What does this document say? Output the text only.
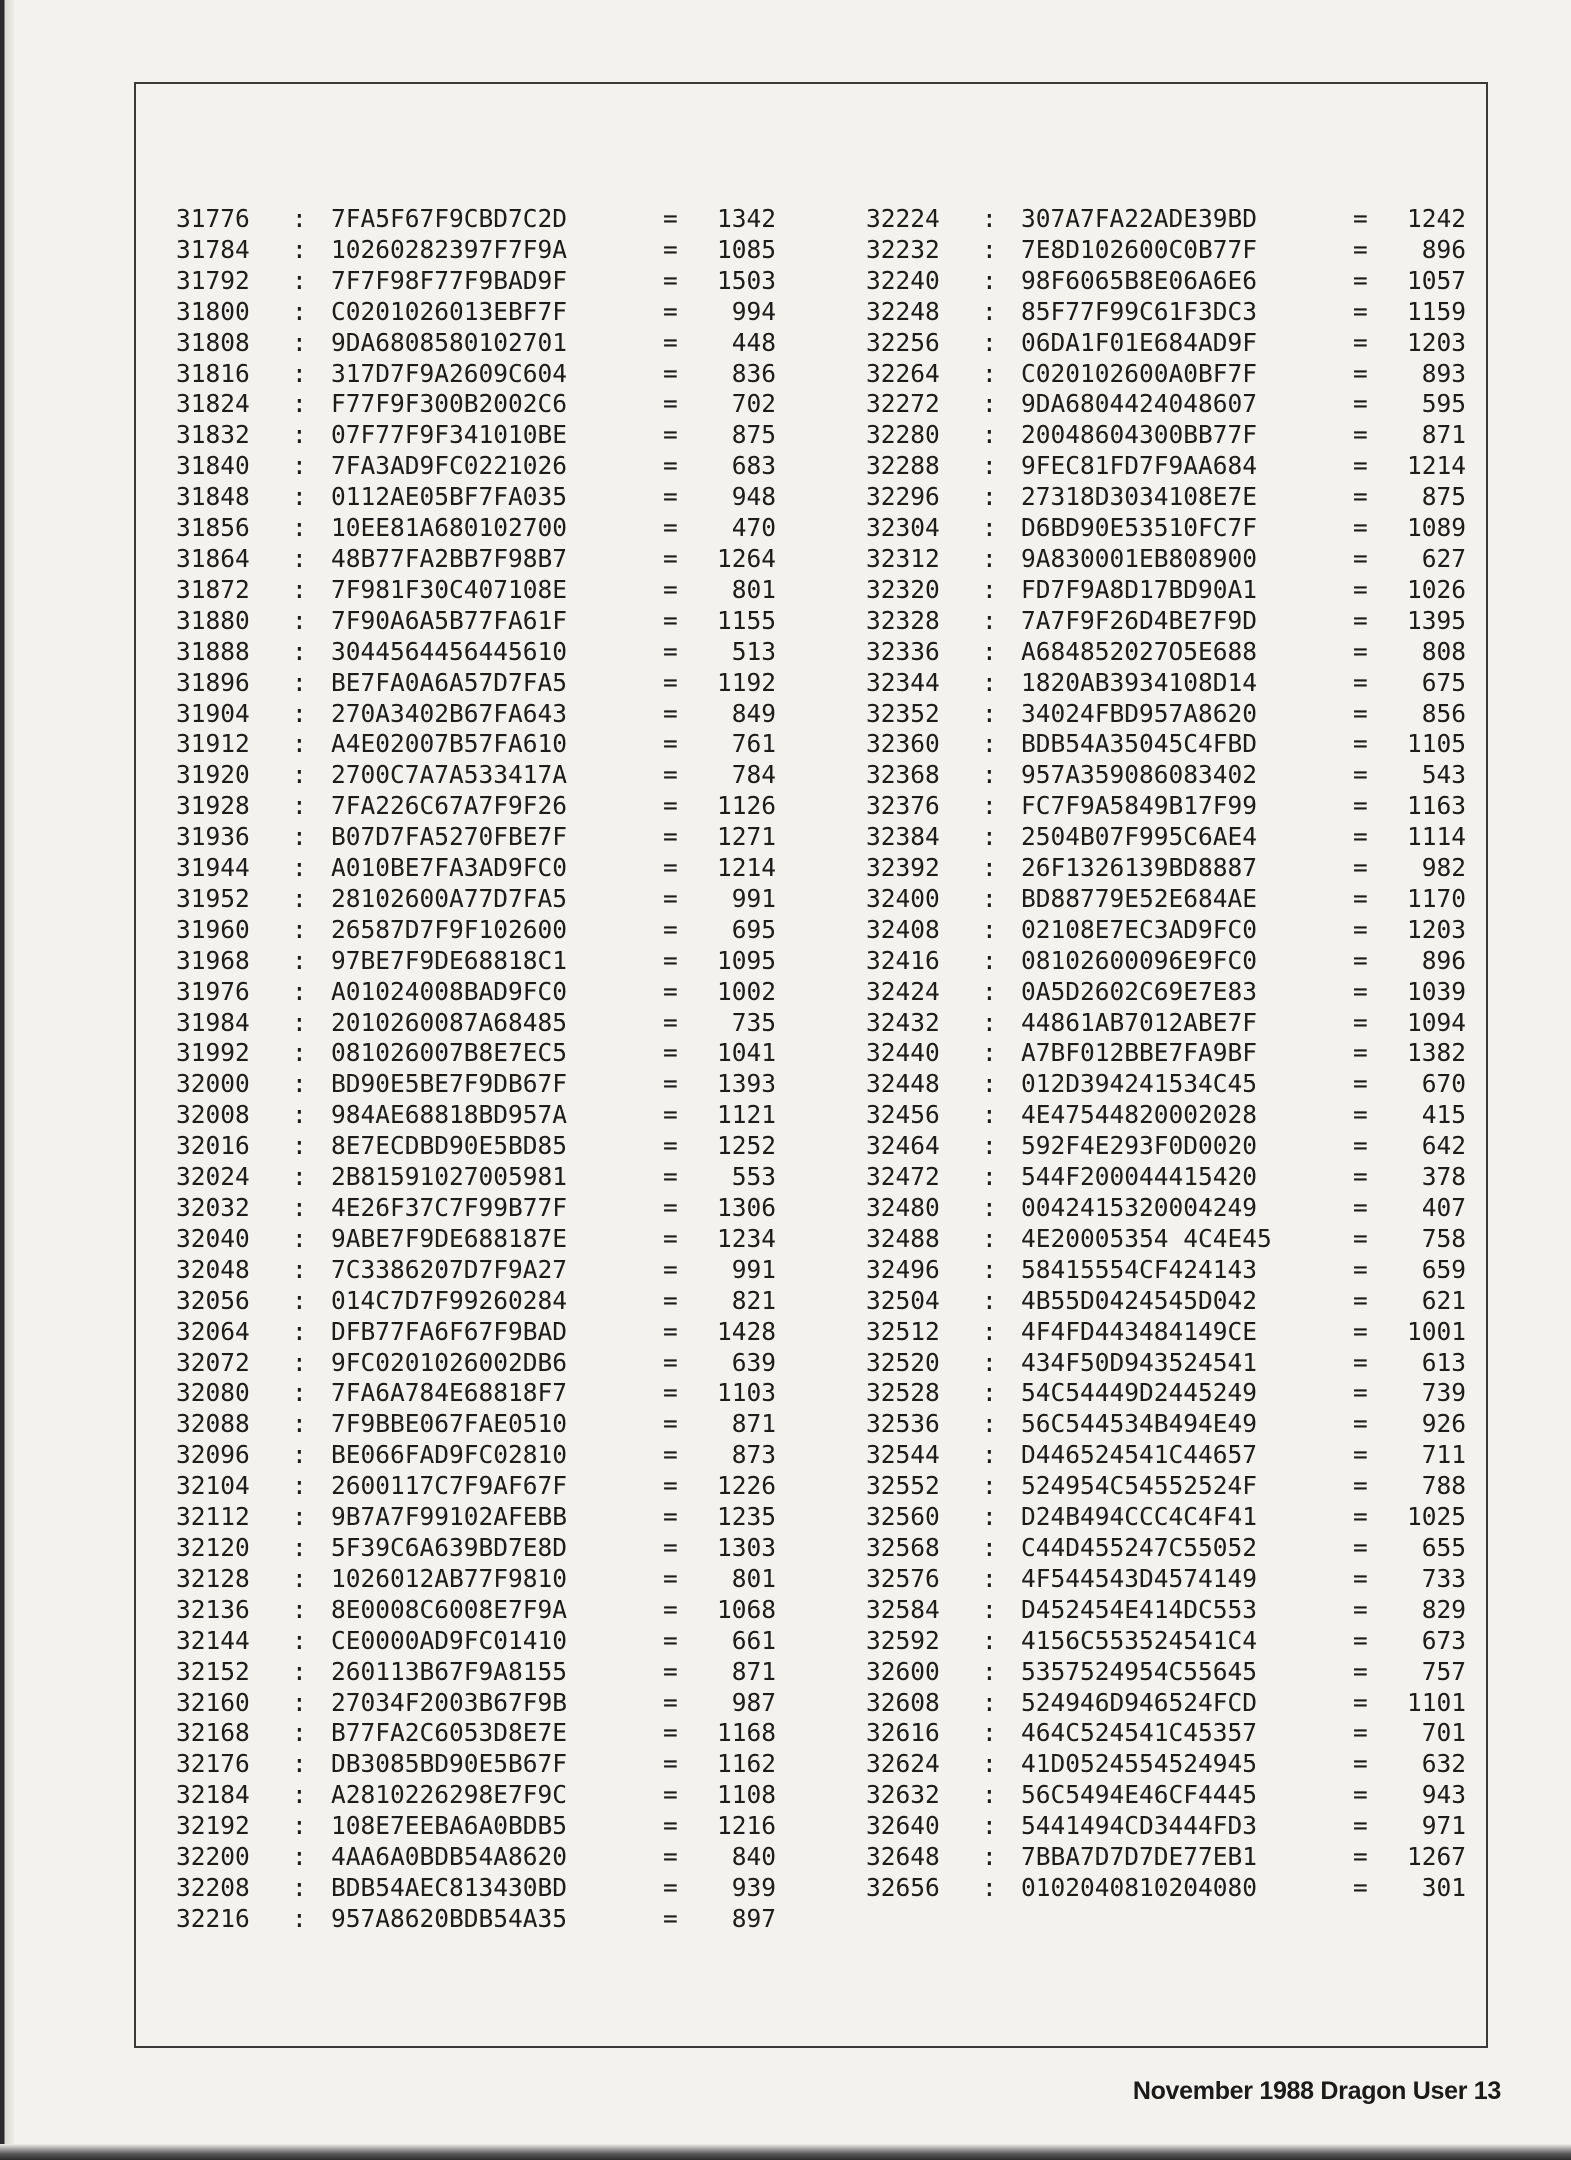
31776	: 7FA5F67F9CBD7C2D	=	1342
31784	: 10260282397F7F9A	=	1085
31792	: 7F7F98F77F9BAD9F	=	1503
31800	: C0201026013EBF7F	=	994
31808	: 9DA6808580102701	=	448
31816	: 317D7F9A2609C604	=	836
31824	: F77F9F300B2002C6	=	702
31832	: 07F77F9F341010BE	=	875
31840	: 7FA3AD9FC0221026	=	683
31848	: 0112AE05BF7FA035	=	948
31856	: 10EE81A680102700	=	470
31864	: 48B77FA2BB7F98B7	=	1264
31872	: 7F981F30C407108E	=	801
31880	: 7F90A6A5B77FA61F	=	1155
31888	: 3044564456445610	=	513
31896	: BE7FA0A6A57D7FA5	=	1192
31904	: 270A3402B67FA643	=	849
31912	: A4E02007B57FA610	=	761
31920	: 2700C7A7A533417A	=	784
31928	: 7FA226C67A7F9F26	=	1126
31936	: B07D7FA5270FBE7F	=	1271
31944	: A010BE7FA3AD9FC0	=	1214
31952	: 28102600A77D7FA5	=	991
31960	: 26587D7F9F102600	=	695
31968	: 97BE7F9DE68818C1	=	1095
31976	: A01024008BAD9FC0	=	1002
31984	: 2010260087A68485	=	735
31992	: 081026007B8E7EC5	=	1041
32000	: BD90E5BE7F9DB67F	=	1393
32008	: 984AE68818BD957A	=	1121
32016	: 8E7ECDBD90E5BD85	=	1252
32024	: 2B81591027005981	=	553
32032	: 4E26F37C7F99B77F	=	1306
32040	: 9ABE7F9DE688187E	=	1234
32048	: 7C3386207D7F9A27	=	991
32056	: 014C7D7F99260284	=	821
32064	: DFB77FA6F67F9BAD	=	1428
32072	: 9FC0201026002DB6	=	639
32080	: 7FA6A784E68818F7	=	1103
32088	: 7F9BBE067FAE0510	=	871
32096	: BE066FAD9FC02810	=	873
32104	: 2600117C7F9AF67F	=	1226
32112	: 9B7A7F99102AFEBB	=	1235
32120	: 5F39C6A639BD7E8D	=	1303
32128	: 1026012AB77F9810	=	801
32136	: 8E0008C6008E7F9A	=	1068
32144	: CE0000AD9FC01410	=	661
32152	: 260113B67F9A8155	=	871
32160	: 27034F2003B67F9B	=	987
32168	: B77FA2C6053D8E7E	=	1168
32176	: DB3085BD90E5B67F	=	1162
32184	: A2810226298E7F9C	=	1108
32192	: 108E7EEBA6A0BDB5	=	1216
32200	: 4AA6A0BDB54A8620	=	840
32208	: BDB54AEC813430BD	=	939
32216	: 957A8620BDB54A35	=	897
32224	: 307A7FA22ADE39BD	=	1242
32232	: 7E8D102600C0B77F	=	896
32240	: 98F6065B8E06A6E6	=	1057
32248	: 85F77F99C61F3DC3	=	1159
32256	: 06DA1F01E684AD9F	=	1203
32264	: C020102600A0BF7F	=	893
32272	: 9DA6804424048607	=	595
32280	: 20048604300BB77F	=	871
32288	: 9FEC81FD7F9AA684	=	1214
32296	: 27318D3034108E7E	=	875
32304	: D6BD90E53510FC7F	=	1089
32312	: 9A830001EB808900	=	627
32320	: FD7F9A8D17BD90A1	=	1026
32328	: 7A7F9F26D4BE7F9D	=	1395
32336	: A684852027O5E688	=	808
32344	: 1820AB3934108D14	=	675
32352	: 34024FBD957A8620	=	856
32360	: BDB54A35045C4FBD	=	1105
32368	: 957A359086083402	=	543
32376	: FC7F9A5849B17F99	=	1163
32384	: 2504B07F995C6AE4	=	1114
32392	: 26F1326139BD8887	=	982
32400	: BD88779E52E684AE	=	1170
32408	: 02108E7EC3AD9FC0	=	1203
32416	: 08102600096E9FC0	=	896
32424	: 0A5D2602C69E7E83	=	1039
32432	: 44861AB7012ABE7F	=	1094
32440	: A7BF012BBE7FA9BF	=	1382
32448	: 012D394241534C45	=	670
32456	: 4E47544820002028	=	415
32464	: 592F4E293F0D0020	=	642
32472	: 544F200044415420	=	378
32480	: 0042415320004249	=	407
32488	: 4E20005354 4C4E45	=	758
32496	: 58415554CF424143	=	659
32504	: 4B55D0424545D042	=	621
32512	: 4F4FD443484149CE	=	1001
32520	: 434F50D943524541	=	613
32528	: 54C54449D2445249	=	739
32536	: 56C544534B494E49	=	926
32544	: D446524541C44657	=	711
32552	: 524954C54552524F	=	788
32560	: D24B494CCC4C4F41	=	1025
32568	: C44D455247C55052	=	655
32576	: 4F544543D4574149	=	733
32584	: D452454E414DC553	=	829
32592	: 4156C553524541C4	=	673
32600	: 5357524954C55645	=	757
32608	: 524946D946524FCD	=	1101
32616	: 464C524541C45357	=	701
32624	: 41D0524554524945	=	632
32632	: 56C5494E46CF4445	=	943
32640	: 5441494CD3444FD3	=	971
32648	: 7BBA7D7D7DE77EB1	=	1267
32656	: 0102040810204080	=	301
November 1988 Dragon User 13
